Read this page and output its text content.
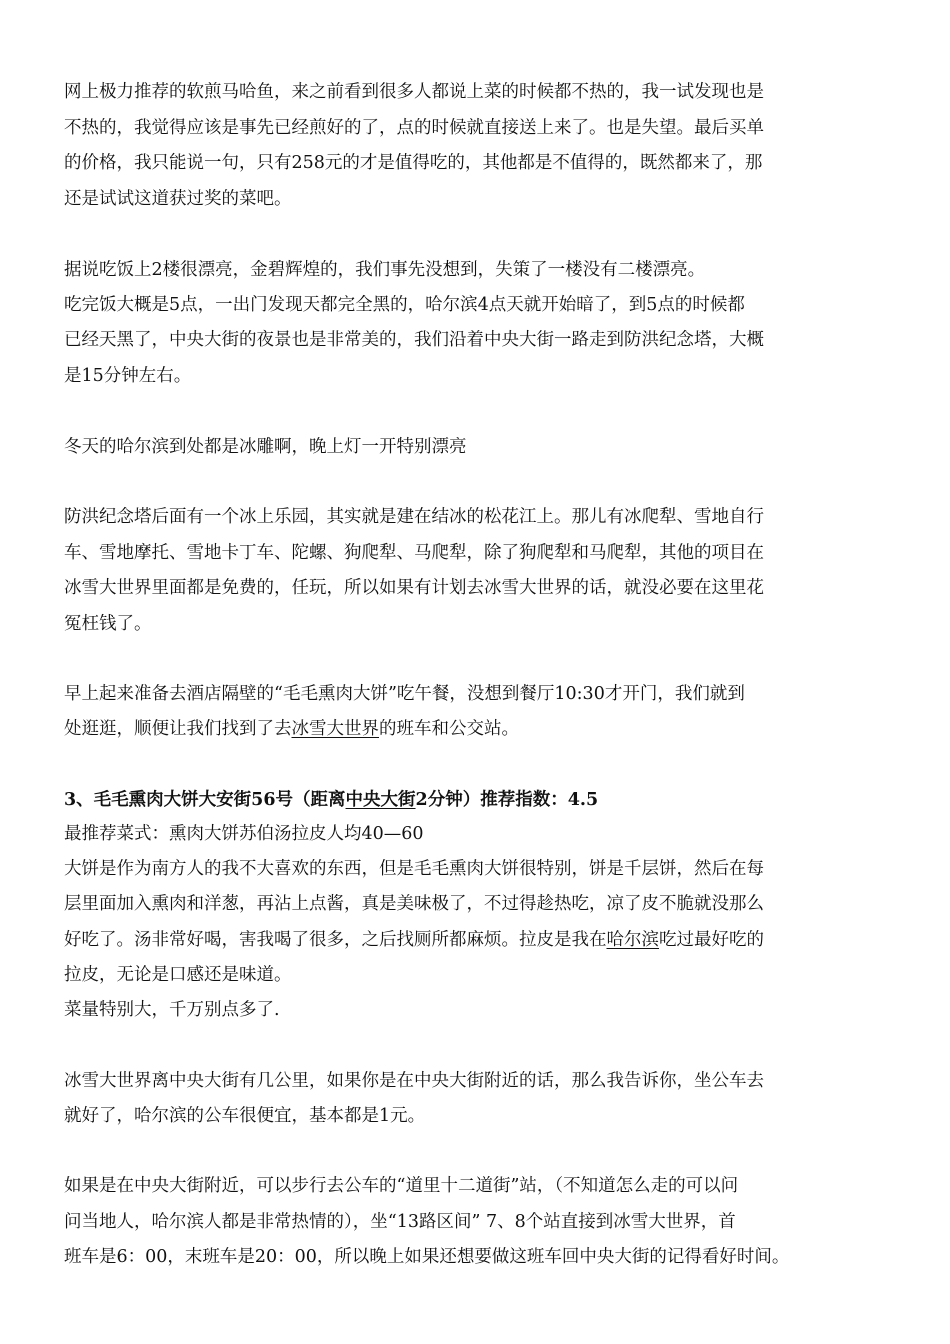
网上极力推荐的软煎马哈鱼，来之前看到很多人都说上菜的时候都不热的，我一试发现也是
不热的，我觉得应该是事先已经煎好的了，点的时候就直接送上来了。也是失望。最后买单
的价格，我只能说一句，只有258元的才是值得吃的，其他都是不值得的，既然都来了，那
还是试试这道获过奖的菜吧。
据说吃饭上2楼很漂亮，金碧辉煌的，我们事先没想到，失策了一楼没有二楼漂亮。
吃完饭大概是5点，一出门发现天都完全黑的，哈尔滨4点天就开始暗了，到5点的时候都
已经天黑了，中央大街的夜景也是非常美的，我们沿着中央大街一路走到防洪纪念塔，大概
是15分钟左右。
冬天的哈尔滨到处都是冰雕啊，晚上灯一开特别漂亮
防洪纪念塔后面有一个冰上乐园，其实就是建在结冰的松花江上。那儿有冰爬犁、雪地自行
车、雪地摩托、雪地卡丁车、陀螺、狗爬犁、马爬犁，除了狗爬犁和马爬犁，其他的项目在
冰雪大世界里面都是免费的，任玩，所以如果有计划去冰雪大世界的话，就没必要在这里花
冤枉钱了。
早上起来准备去酒店隔壁的“毛毛熏肉大饼”吃午餐，没想到餐厅10:30才开门，我们就到
处逛逛，顺便让我们找到了去冰雪大世界的班车和公交站。
3、毛毛熏肉大饼大安街56号（距离中央大街2分钟）推荐指数：4.5
最推荐菜式：熏肉大饼苏伯汤拉皮人均40—60
大饼是作为南方人的我不大喜欢的东西，但是毛毛熏肉大饼很特别，饼是千层饼，然后在每
层里面加入熏肉和洋葱，再沾上点酱，真是美味极了，不过得趁热吃，凉了皮不脆就没那么
好吃了。汤非常好喝，害我喝了很多，之后找厕所都麻烦。拉皮是我在哈尔滨吃过最好吃的
拉皮，无论是口感还是味道。
菜量特别大，千万别点多了.
冰雪大世界离中央大街有几公里，如果你是在中央大街附近的话，那么我告诉你，坐公车去
就好了，哈尔滨的公车很便宜，基本都是1元。
如果是在中央大街附近，可以步行去公车的“道里十二道街”站，（不知道怎么走的可以问
问当地人，哈尔滨人都是非常热情的），坐“13路区间” 7、8个站直接到冰雪大世界，首
班车是6：00，末班车是20：00，所以晚上如果还想要做这班车回中央大街的记得看好时间。
